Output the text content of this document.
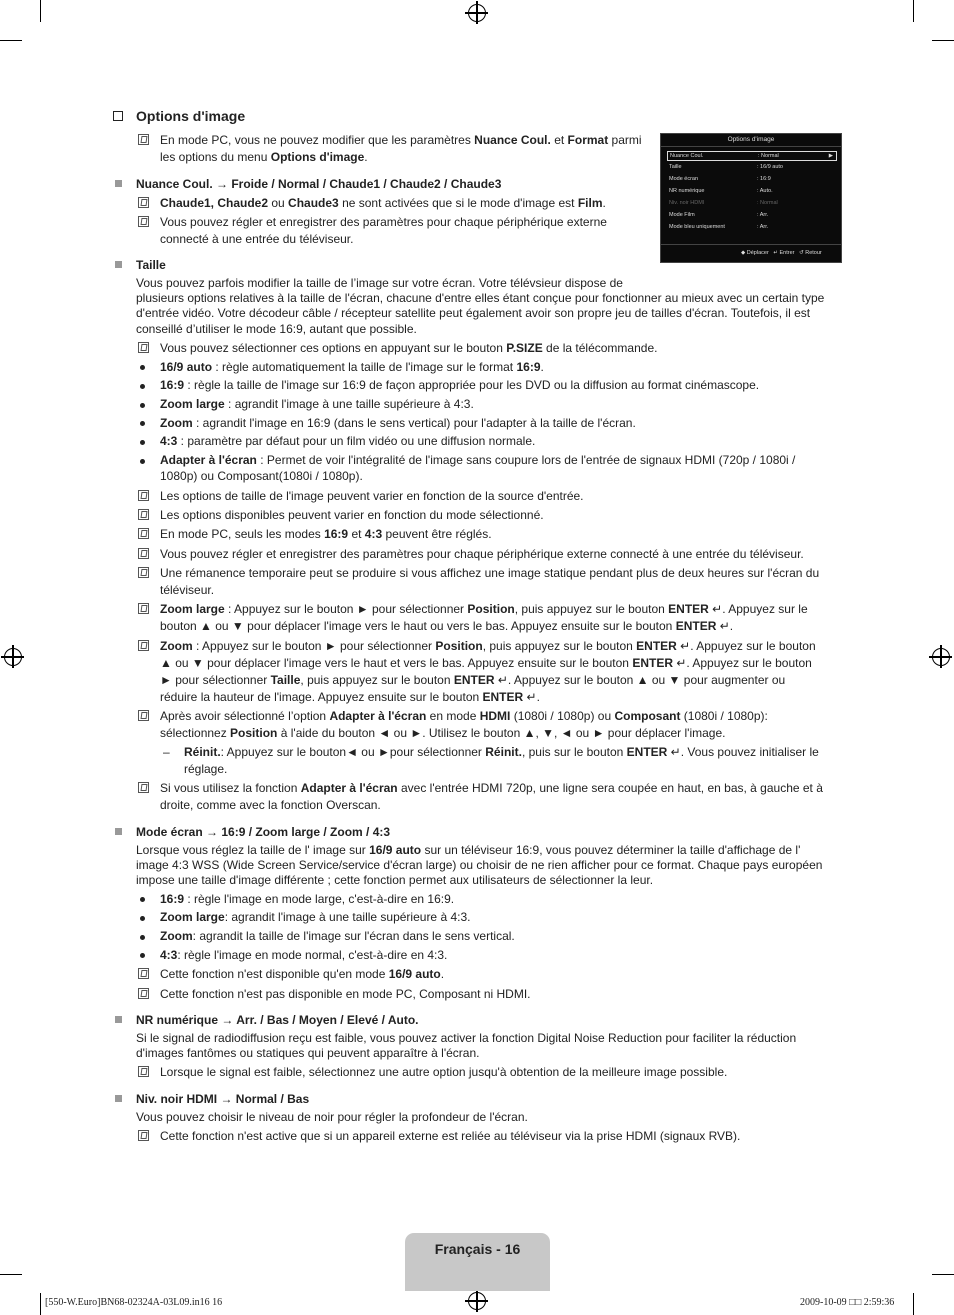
Options d'image
En mode PC, vous ne pouvez modifier que les paramètres Nuance Coul. et Format parmi
les options du menu Options d'image.
Nuance Coul. → Froide / Normal / Chaude1 / Chaude2 / Chaude3
Chaude1, Chaude2 ou Chaude3 ne sont activées que si le mode d'image est Film.
Vous pouvez régler et enregistrer des paramètres pour chaque périphérique externe
connecté à une entrée du téléviseur.
Options d'image
Nuance Coul.	: Normal	▶
Taille	: 16/9 auto
Mode écran	: 16:9
NR numérique	: Auto.
Niv. noir HDMI	: Normal
Mode Film	: Arr.
Mode bleu uniquement	: Arr.
◆ Déplacer ↵ Entrer ↺ Retour
Taille
Vous pouvez parfois modifier la taille de l’image sur votre écran. Votre télévsieur dispose de
plusieurs options relatives à la taille de l'écran, chacune d'entre elles étant conçue pour fonctionner au mieux avec un certain type
d'entrée vidéo. Votre décodeur câble / récepteur satellite peut également avoir son propre jeu de tailles d'écran. Toutefois, il est
conseillé d’utiliser le mode 16:9, autant que possible.
Vous pouvez sélectionner ces options en appuyant sur le bouton P.SIZE de la télécommande.
16/9 auto : règle automatiquement la taille de l'image sur le format 16:9.
16:9 : règle la taille de l'image sur 16:9 de façon appropriée pour les DVD ou la diffusion au format cinémascope.
Zoom large : agrandit l'image à une taille supérieure à 4:3.
Zoom : agrandit l'image en 16:9 (dans le sens vertical) pour l'adapter à la taille de l'écran.
4:3 : paramètre par défaut pour un film vidéo ou une diffusion normale.
Adapter à l'écran : Permet de voir l'intégralité de l'image sans coupure lors de l'entrée de signaux HDMI (720p / 1080i /
1080p) ou Composant(1080i / 1080p).
Les options de taille de l'image peuvent varier en fonction de la source d'entrée.
Les options disponibles peuvent varier en fonction du mode sélectionné.
En mode PC, seuls les modes 16:9 et 4:3 peuvent être réglés.
Vous pouvez régler et enregistrer des paramètres pour chaque périphérique externe connecté à une entrée du téléviseur.
Une rémanence temporaire peut se produire si vous affichez une image statique pendant plus de deux heures sur l'écran du
téléviseur.
Zoom large : Appuyez sur le bouton ► pour sélectionner Position, puis appuyez sur le bouton ENTER ↵. Appuyez sur le
bouton ▲ ou ▼ pour déplacer l'image vers le haut ou vers le bas. Appuyez ensuite sur le bouton ENTER ↵.
Zoom : Appuyez sur le bouton ► pour sélectionner Position, puis appuyez sur le bouton ENTER ↵. Appuyez sur le bouton
▲ ou ▼ pour déplacer l'image vers le haut et vers le bas. Appuyez ensuite sur le bouton ENTER ↵. Appuyez sur le bouton
► pour sélectionner Taille, puis appuyez sur le bouton ENTER ↵. Appuyez sur le bouton ▲ ou ▼ pour augmenter ou
réduire la hauteur de l'image. Appuyez ensuite sur le bouton ENTER ↵.
Après avoir sélectionné l’option Adapter à l'écran en mode HDMI (1080i / 1080p) ou Composant (1080i / 1080p):
sélectionnez Position à l'aide du bouton ◄ ou ►. Utilisez le bouton ▲, ▼, ◄ ou ► pour déplacer l'image.
– Réinit.: Appuyez sur le bouton◄ ou ►pour sélectionner Réinit., puis sur le bouton ENTER ↵. Vous pouvez initialiser le
réglage.
Si vous utilisez la fonction Adapter à l'écran avec l'entrée HDMI 720p, une ligne sera coupée en haut, en bas, à gauche et à
droite, comme avec la fonction Overscan.
Mode écran → 16:9 / Zoom large / Zoom / 4:3
Lorsque vous réglez la taille de l' image sur 16/9 auto sur un téléviseur 16:9, vous pouvez déterminer la taille d'affichage de l'
image 4:3 WSS (Wide Screen Service/service d'écran large) ou choisir de ne rien afficher pour ce format. Chaque pays européen
impose une taille d'image différente ; cette fonction permet aux utilisateurs de sélectionner la leur.
16:9 : règle l'image en mode large, c'est-à-dire en 16:9.
Zoom large: agrandit l'image à une taille supérieure à 4:3.
Zoom: agrandit la taille de l'image sur l'écran dans le sens vertical.
4:3: règle l'image en mode normal, c'est-à-dire en 4:3.
Cette fonction n'est disponible qu'en mode 16/9 auto.
Cette fonction n'est pas disponible en mode PC, Composant ni HDMI.
NR numérique → Arr. / Bas / Moyen / Elevé / Auto.
Si le signal de radiodiffusion reçu est faible, vous pouvez activer la fonction Digital Noise Reduction pour faciliter la réduction
d'images fantômes ou statiques qui peuvent apparaître à l'écran.
Lorsque le signal est faible, sélectionnez une autre option jusqu'à obtention de la meilleure image possible.
Niv. noir HDMI → Normal / Bas
Vous pouvez choisir le niveau de noir pour régler la profondeur de l'écran.
Cette fonction n'est active que si un appareil externe est reliée au téléviseur via la prise HDMI (signaux RVB).
Français - 16
[550-W.Euro]BN68-02324A-03L09.in16 16	2009-10-09 □□ 2:59:36
